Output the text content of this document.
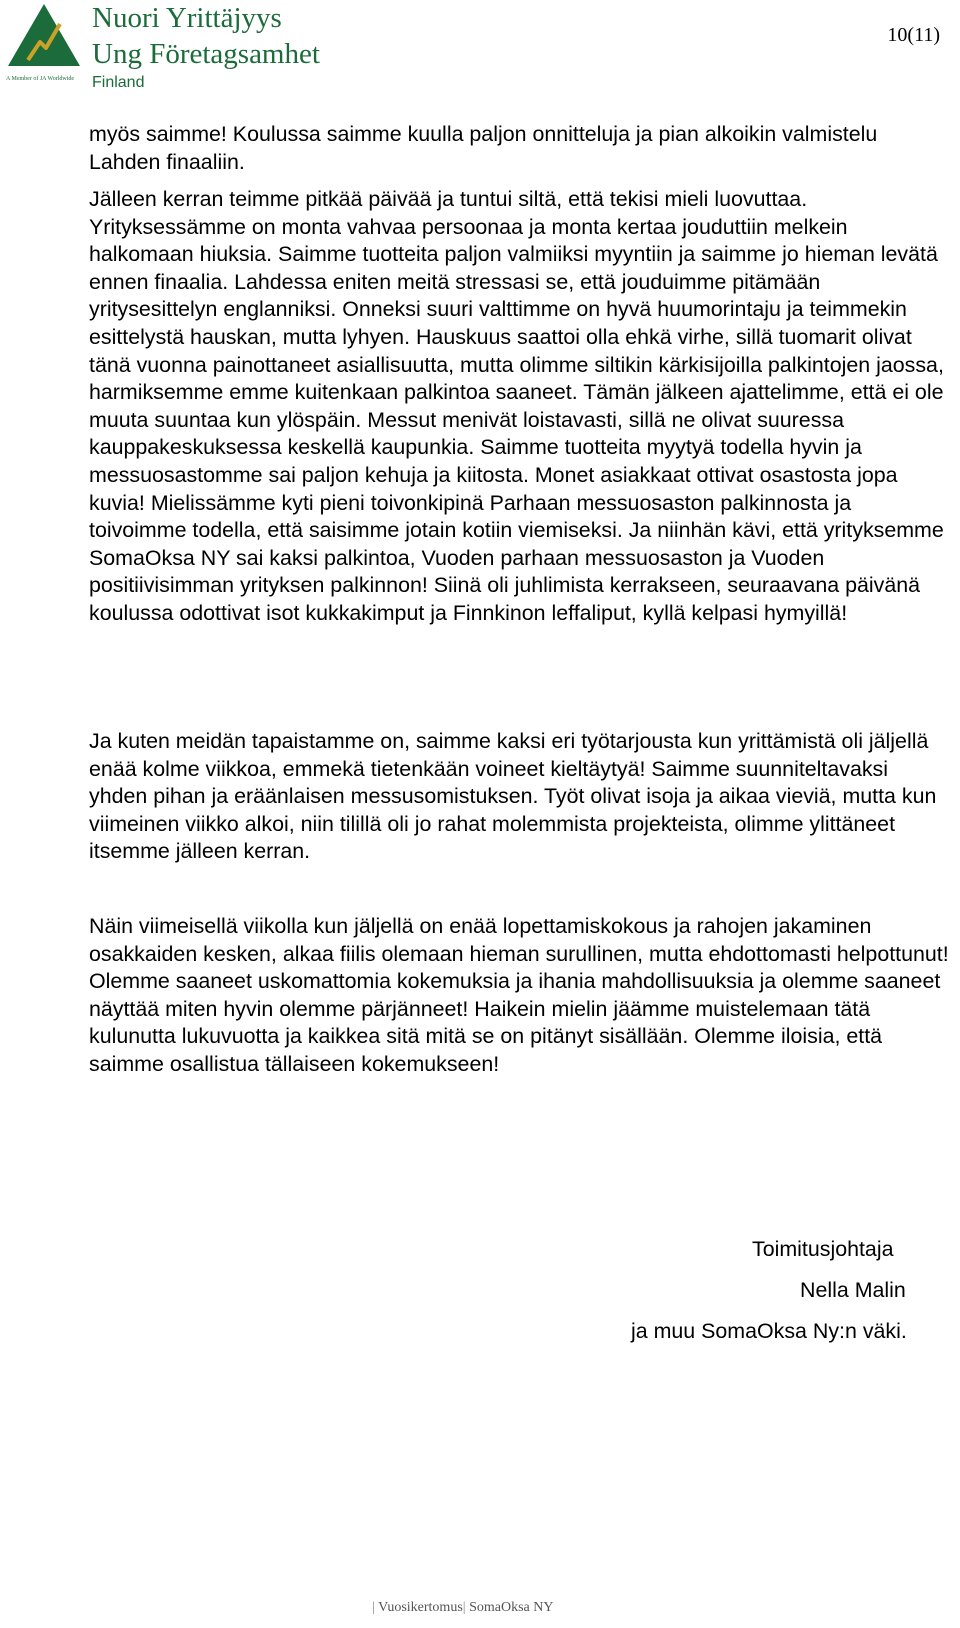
A Member of JA Worldwide

Nuori Yrittäjyys

Ung Företagsamhet

Finland
10(11)

myös saimme! Koulussa saimme kuulla paljon onnitteluja ja pian alkoikin valmistelu Lahden finaaliin.

Jälleen kerran teimme pitkää päivää ja tuntui siltä, että tekisi mieli luovuttaa. Yrityksessämme on monta vahvaa persoonaa ja monta kertaa jouduttiin melkein halkomaan hiuksia. Saimme tuotteita paljon valmiiksi myyntiin ja saimme jo hieman levätä ennen finaalia. Lahdessa eniten meitä stressasi se, että jouduimme pitämään yritysesittelyn englanniksi. Onneksi suuri valttimme on hyvä huumorintaju ja teimmekin esittelystä hauskan, mutta lyhyen. Hauskuus saattoi olla ehkä virhe, sillä tuomarit olivat tänä vuonna painottaneet asiallisuutta, mutta olimme siltikin kärkisijoilla palkintojen jaossa, harmiksemme emme kuitenkaan palkintoa saaneet. Tämän jälkeen ajattelimme, että ei ole muuta suuntaa kun ylöspäin. Messut menivät loistavasti, sillä ne olivat suuressa kauppakeskuksessa keskellä kaupunkia. Saimme tuotteita myytyä todella hyvin ja messuosastomme sai paljon kehuja ja kiitosta. Monet asiakkaat ottivat osastosta jopa kuvia! Mielissämme kyti pieni toivonkipinä Parhaan messuosaston palkinnosta ja toivoimme todella, että saisimme jotain kotiin viemiseksi. Ja niinhän kävi, että yrityksemme SomaOksa NY sai kaksi palkintoa, Vuoden parhaan messuosaston ja Vuoden positiivisimman yrityksen palkinnon! Siinä oli juhlimista kerrakseen, seuraavana päivänä koulussa odottivat isot kukkakimput ja Finnkinon leffaliput, kyllä kelpasi hymyillä!

Ja kuten meidän tapaistamme on, saimme kaksi eri työtarjousta kun yrittämistä oli jäljellä enää kolme viikkoa, emmekä tietenkään voineet kieltäytyä! Saimme suunniteltavaksi yhden pihan ja eräänlaisen messusomistuksen. Työt olivat isoja ja aikaa vieviä, mutta kun viimeinen viikko alkoi, niin tilillä oli jo rahat molemmista projekteista, olimme ylittäneet itsemme jälleen kerran.

Näin viimeisellä viikolla kun jäljellä on enää lopettamiskokous ja rahojen jakaminen osakkaiden kesken, alkaa fiilis olemaan hieman surullinen, mutta ehdottomasti helpottunut! Olemme saaneet uskomattomia kokemuksia ja ihania mahdollisuuksia ja olemme saaneet näyttää miten hyvin olemme pärjänneet! Haikein mielin jäämme muistelemaan tätä kulunutta lukuvuotta ja kaikkea sitä mitä se on pitänyt sisällään. Olemme iloisia, että saimme osallistua tällaiseen kokemukseen!

Toimitusjohtaja

Nella Malin

ja muu SomaOksa Ny:n väki.

| Vuosikertomus| SomaOksa NY
